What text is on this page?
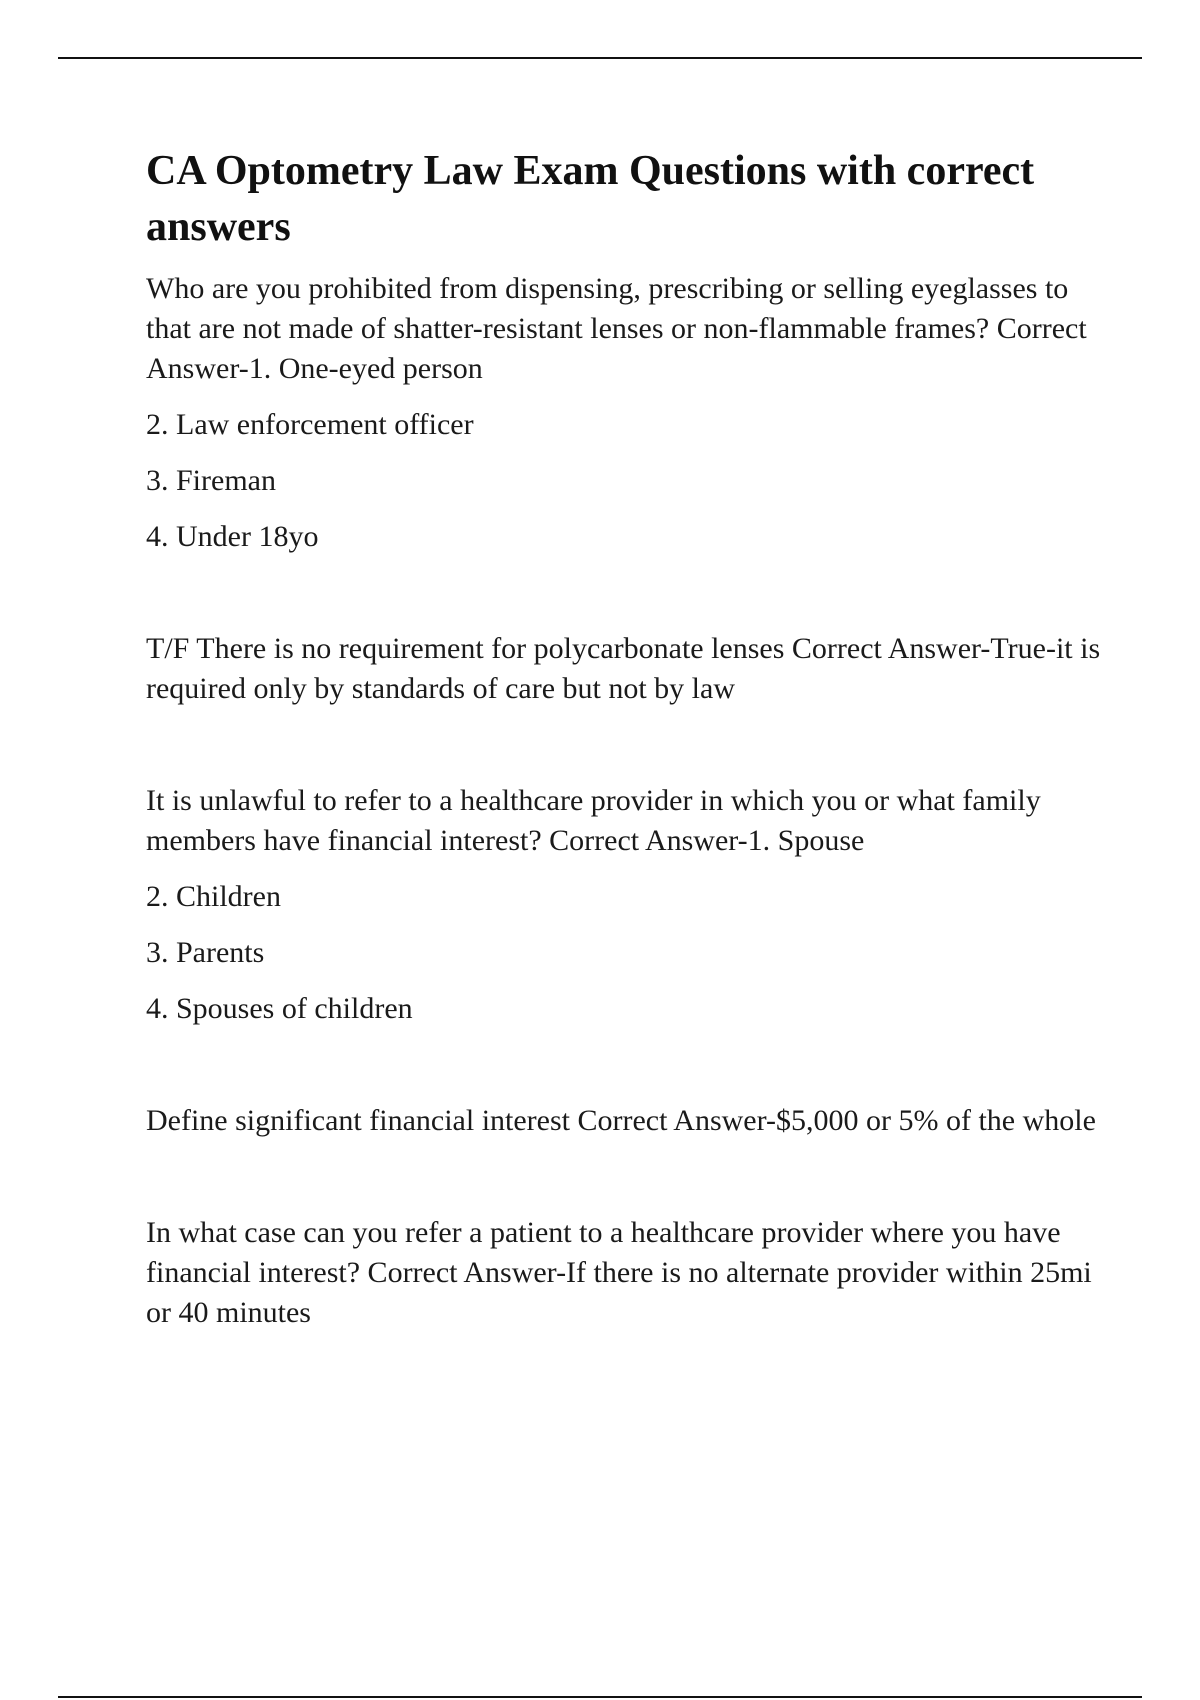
CA Optometry Law Exam Questions with correct answers

Who are you prohibited from dispensing, prescribing or selling eyeglasses to that are not made of shatter-resistant lenses or non-flammable frames? Correct Answer-1. One-eyed person

2. Law enforcement officer

3. Fireman

4. Under 18yo

T/F There is no requirement for polycarbonate lenses Correct Answer-True-it is required only by standards of care but not by law

It is unlawful to refer to a healthcare provider in which you or what family members have financial interest? Correct Answer-1. Spouse

2. Children

3. Parents

4. Spouses of children

Define significant financial interest Correct Answer-$5,000 or 5% of the whole

In what case can you refer a patient to a healthcare provider where you have financial interest? Correct Answer-If there is no alternate provider within 25mi or 40 minutes
